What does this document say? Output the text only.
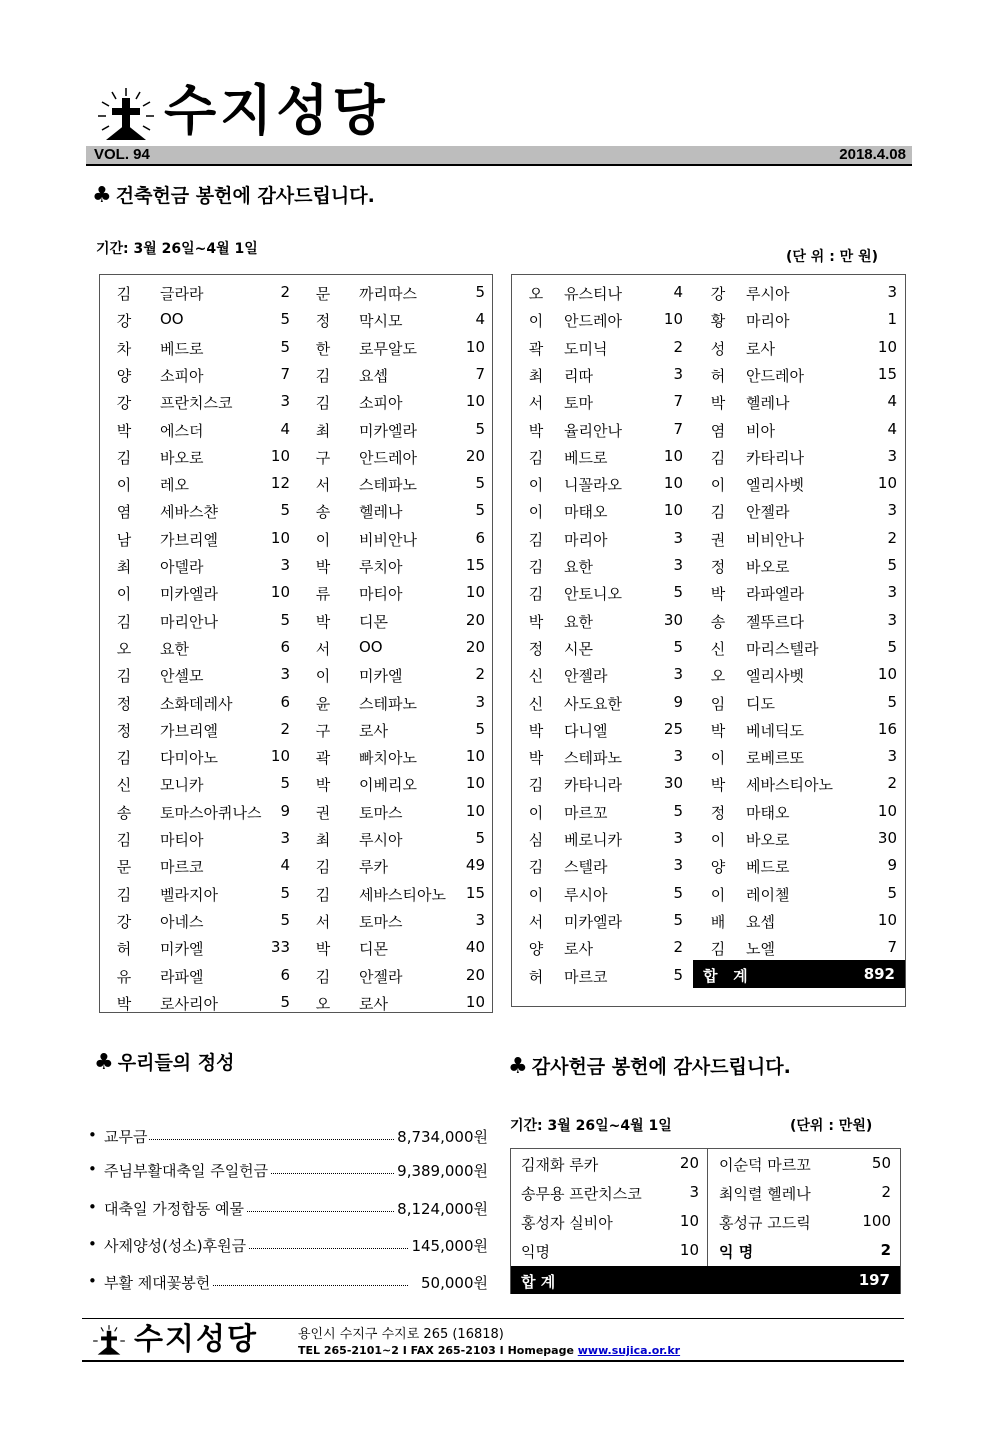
수지성당
VOL. 94	2018.4.08
♣ 건축헌금 봉헌에 감사드립니다.
기간: 3월 26일~4월 1일	(단 위 : 만 원)
김 글라라	2 문 까리따스	5
강 OO	5 정 막시모	4
차 베드로	5 한 로무알도	10
양 소피아	7 김 요셉	7
강 프란치스코	3 김 소피아	10
박 에스더	4 최 미카엘라	5
김 바오로	10 구 안드레아	20
이 레오	12 서 스테파노	5
염 세바스챤	5 송 헬레나	5
남 가브리엘	10 이 비비안나	6
최 아델라	3 박 루치아	15
이 미카엘라	10 류 마티아	10
김 마리안나	5 박 디몬	20
오 요한	6 서 OO	20
김 안셀모	3 이 미카엘	2
정 소화데레사	6 윤 스테파노	3
정 가브리엘	2 구 로사	5
김 다미아노	10 곽 빠치아노	10
신 모니카	5 박 이베리오	10
송 토마스아퀴나스	9 권 토마스	10
김 마티아	3 최 루시아	5
문 마르코	4 김 루카	49
김 벨라지아	5 김 세바스티아노	15
강 아네스	5 서 토마스	3
허 미카엘	33 박 디몬	40
유 라파엘	6 김 안젤라	20
박 로사리아	5 오 로사	10
오 유스티나	4 강 루시아	3
이 안드레아	10 황 마리아	1
곽 도미닉	2 성 로사	10
최 리따	3 허 안드레아	15
서 토마	7 박 헬레나	4
박 율리안나	7 염 비아	4
김 베드로	10 김 카타리나	3
이 니꼴라오	10 이 엘리사벳	10
이 마태오	10 김 안젤라	3
김 마리아	3 권 비비안나	2
김 요한	3 정 바오로	5
김 안토니오	5 박 라파엘라	3
박 요한	30 송 젤뚜르다	3
정 시몬	5 신 마리스텔라	5
신 안젤라	3 오 엘리사벳	10
신 사도요한	9 임 디도	5
박 다니엘	25 박 베네딕도	16
박 스테파노	3 이 로베르또	3
김 카타니라	30 박 세바스티아노	2
이 마르꼬	5 정 마태오	10
심 베로니카	3 이 바오로	30
김 스텔라	3 양 베드로	9
이 루시아	5 이 레이첼	5
서 미카엘라	5 배 요셉	10
양 로사	2 김 노엘	7
허 마르코	5 합   계	892
♣ 우리들의 정성
• 교무금	8,734,000원
• 주님부활대축일 주일헌금	9,389,000원
• 대축일 가정합동 예물	8,124,000원
• 사제양성(성소)후원금	145,000원
• 부활 제대꽃봉헌	50,000원
♣ 감사헌금 봉헌에 감사드립니다.
기간: 3월 26일~4월 1일	(단위 : 만원)
김재화 루카	20 이순덕 마르꼬	50
송무용 프란치스코	3 최익렬 헬레나	2
홍성자 실비아	10 홍성규 고드릭	100
익명	10 익 명	2
합 계	197
수지성당	용인시 수지구 수지로 265 (16818)
TEL 265-2101~2 I FAX 265-2103 I Homepage www.sujica.or.kr
